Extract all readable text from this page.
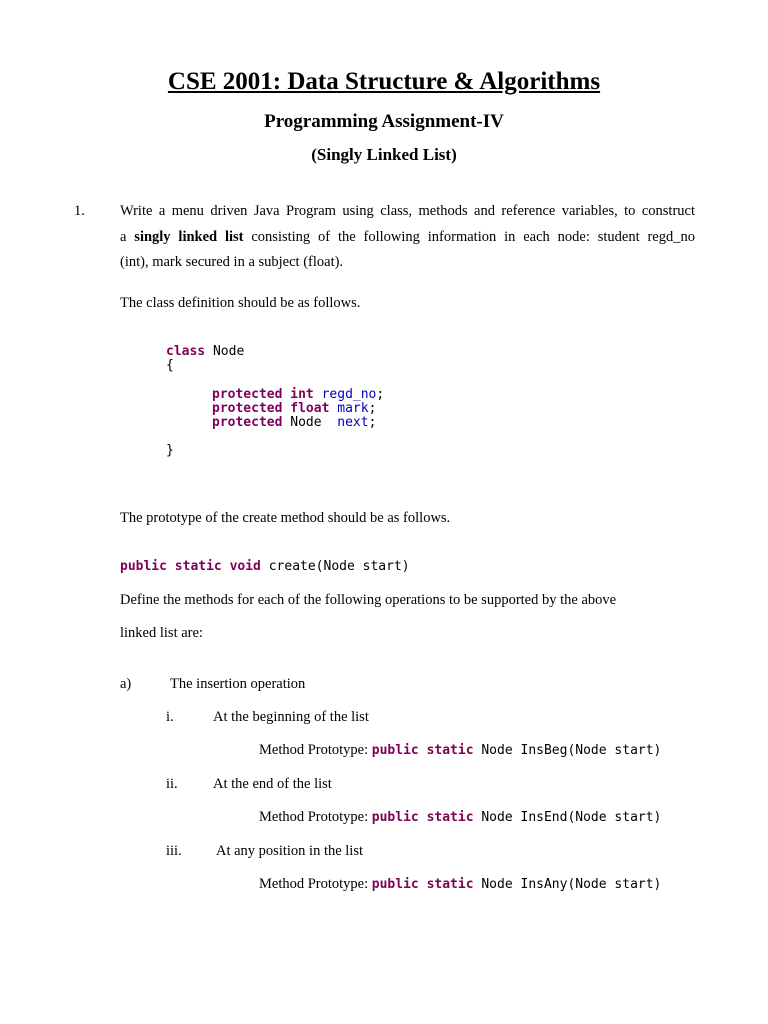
CSE 2001: Data Structure & Algorithms
Programming Assignment-IV
(Singly Linked List)
1. Write a menu driven Java Program using class, methods and reference variables, to construct
a singly linked list consisting of the following information in each node: student regd_no
(int), mark secured in a subject (float).
The class definition should be as follows.
class Node
{
protected int regd_no;
protected float mark;
protected Node next;
}
The prototype of the create method should be as follows.
public static void create(Node start)
Define the methods for each of the following operations to be supported by the above
linked list are:
a)	The insertion operation
i.	At the beginning of the list
Method Prototype: public static Node InsBeg(Node start)
ii. At the end of the list
Method Prototype: public static Node InsEnd(Node start)
iii. At any position in the list
Method Prototype: public static Node InsAny(Node start)
